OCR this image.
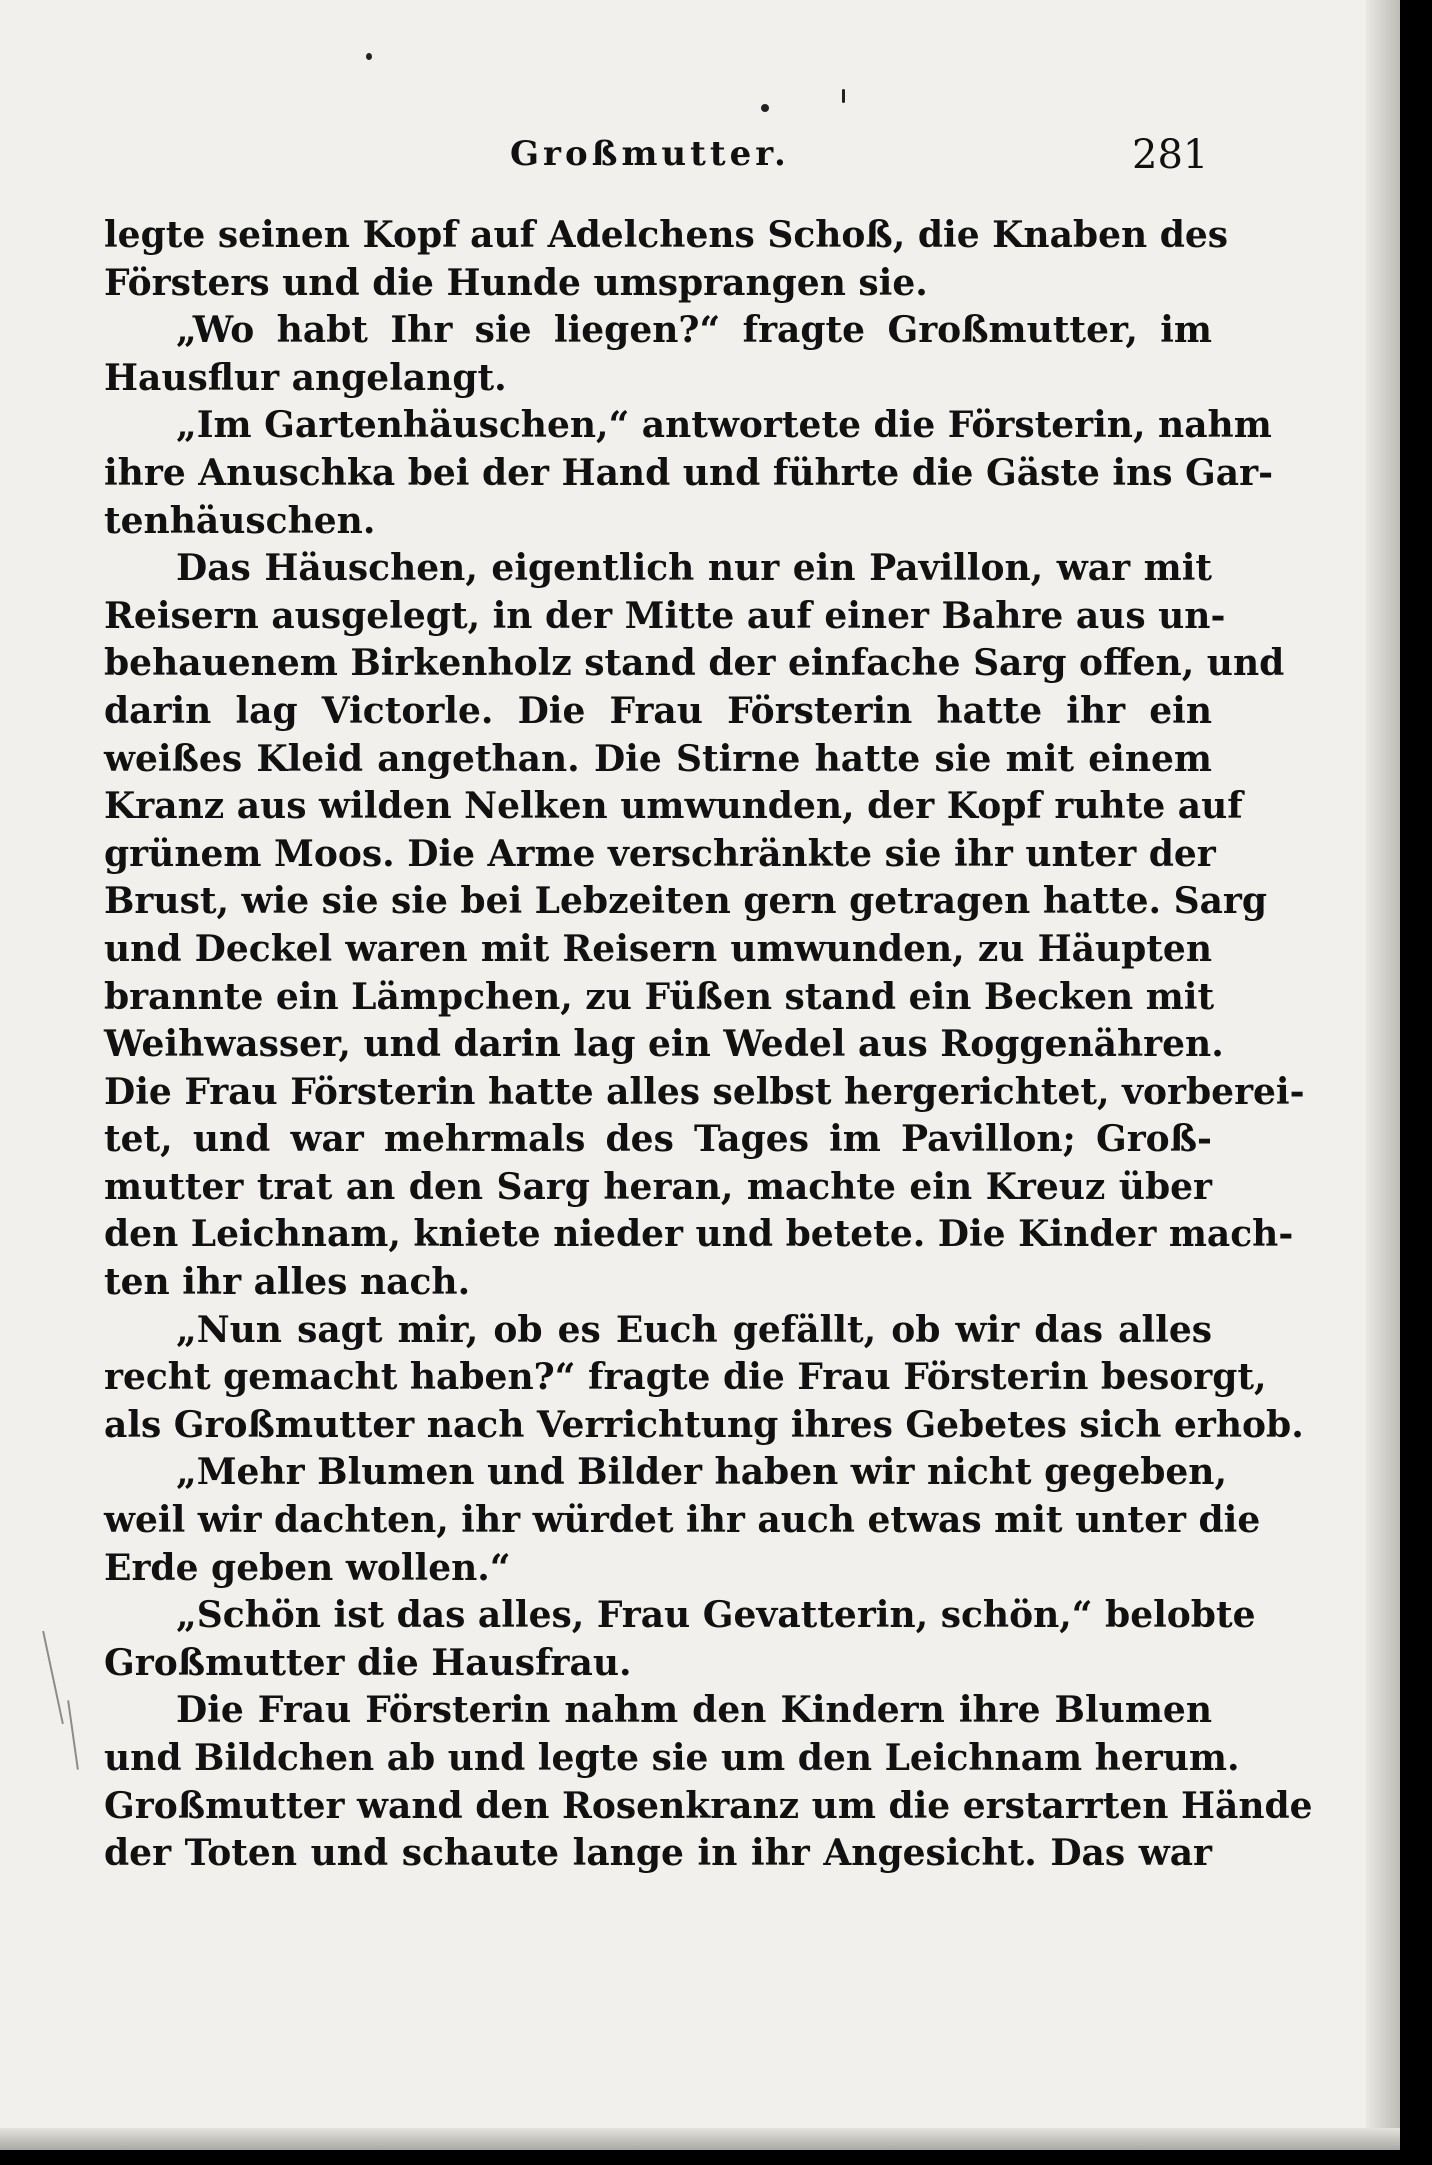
Großmutter.	281
legte seinen Kopf auf Adelchens Schoß, die Knaben des
Försters und die Hunde umsprangen sie.
„Wo habt Ihr sie liegen?“ fragte Großmutter, im
Hausflur angelangt.
„Im Gartenhäuschen,“ antwortete die Försterin, nahm
ihre Anuschka bei der Hand und führte die Gäste ins Gar-
tenhäuschen.
Das Häuschen, eigentlich nur ein Pavillon, war mit
Reisern ausgelegt, in der Mitte auf einer Bahre aus un-
behauenem Birkenholz stand der einfache Sarg offen, und
darin lag Victorle. Die Frau Försterin hatte ihr ein
weißes Kleid angethan. Die Stirne hatte sie mit einem
Kranz aus wilden Nelken umwunden, der Kopf ruhte auf
grünem Moos. Die Arme verschränkte sie ihr unter der
Brust, wie sie sie bei Lebzeiten gern getragen hatte. Sarg
und Deckel waren mit Reisern umwunden, zu Häupten
brannte ein Lämpchen, zu Füßen stand ein Becken mit
Weihwasser, und darin lag ein Wedel aus Roggenähren.
Die Frau Försterin hatte alles selbst hergerichtet, vorberei-
tet, und war mehrmals des Tages im Pavillon; Groß-
mutter trat an den Sarg heran, machte ein Kreuz über
den Leichnam, kniete nieder und betete. Die Kinder mach-
ten ihr alles nach.
„Nun sagt mir, ob es Euch gefällt, ob wir das alles
recht gemacht haben?“ fragte die Frau Försterin besorgt,
als Großmutter nach Verrichtung ihres Gebetes sich erhob.
„Mehr Blumen und Bilder haben wir nicht gegeben,
weil wir dachten, ihr würdet ihr auch etwas mit unter die
Erde geben wollen.“
„Schön ist das alles, Frau Gevatterin, schön,“ belobte
Großmutter die Hausfrau.
Die Frau Försterin nahm den Kindern ihre Blumen
und Bildchen ab und legte sie um den Leichnam herum.
Großmutter wand den Rosenkranz um die erstarrten Hände
der Toten und schaute lange in ihr Angesicht. Das war
